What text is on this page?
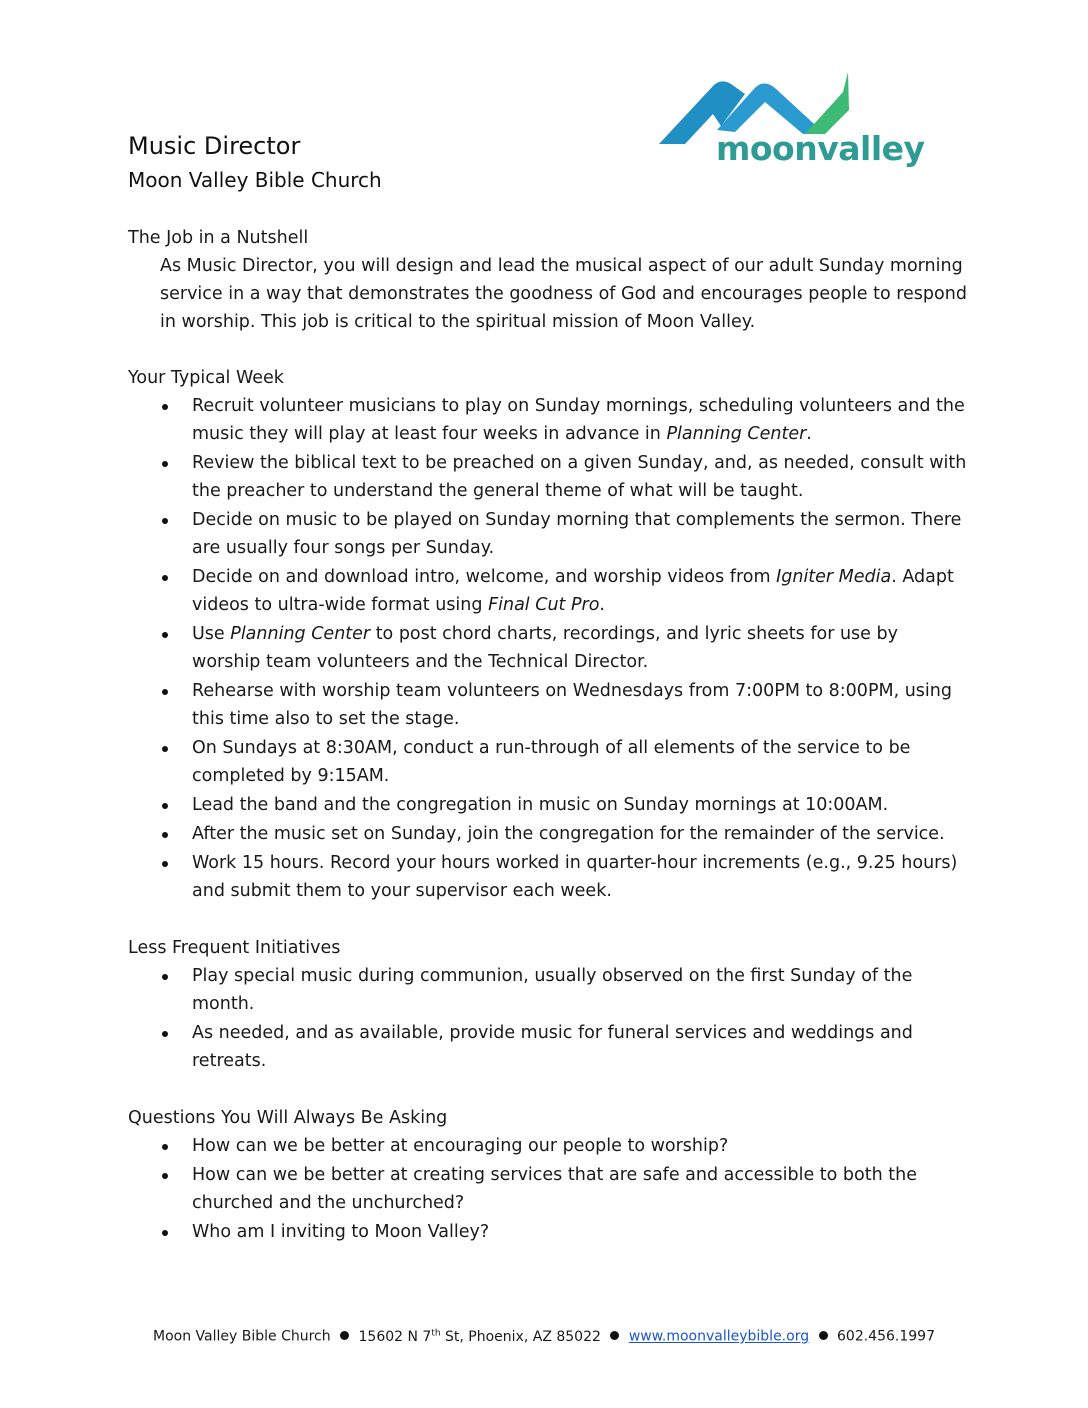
Music Director
Moon Valley Bible Church
moonvalley
The Job in a Nutshell

As Music Director, you will design and lead the musical aspect of our adult Sunday morning service in a way that demonstrates the goodness of God and encourages people to respond in worship. This job is critical to the spiritual mission of Moon Valley.

Your Typical Week
Recruit volunteer musicians to play on Sunday mornings, scheduling volunteers and the music they will play at least four weeks in advance in Planning Center.
Review the biblical text to be preached on a given Sunday, and, as needed, consult with the preacher to understand the general theme of what will be taught.
Decide on music to be played on Sunday morning that complements the sermon. There are usually four songs per Sunday.
Decide on and download intro, welcome, and worship videos from Igniter Media. Adapt videos to ultra-wide format using Final Cut Pro.
Use Planning Center to post chord charts, recordings, and lyric sheets for use by worship team volunteers and the Technical Director.
Rehearse with worship team volunteers on Wednesdays from 7:00PM to 8:00PM, using this time also to set the stage.
On Sundays at 8:30AM, conduct a run-through of all elements of the service to be completed by 9:15AM.
Lead the band and the congregation in music on Sunday mornings at 10:00AM.
After the music set on Sunday, join the congregation for the remainder of the service.
Work 15 hours. Record your hours worked in quarter-hour increments (e.g., 9.25 hours) and submit them to your supervisor each week.
Less Frequent Initiatives
Play special music during communion, usually observed on the first Sunday of the month.
As needed, and as available, provide music for funeral services and weddings and retreats.
Questions You Will Always Be Asking
How can we be better at encouraging our people to worship?
How can we be better at creating services that are safe and accessible to both the churched and the unchurched?
Who am I inviting to Moon Valley?
Moon Valley Bible Church 15602 N 7th St, Phoenix, AZ 85022 www.moonvalleybible.org 602.456.1997
